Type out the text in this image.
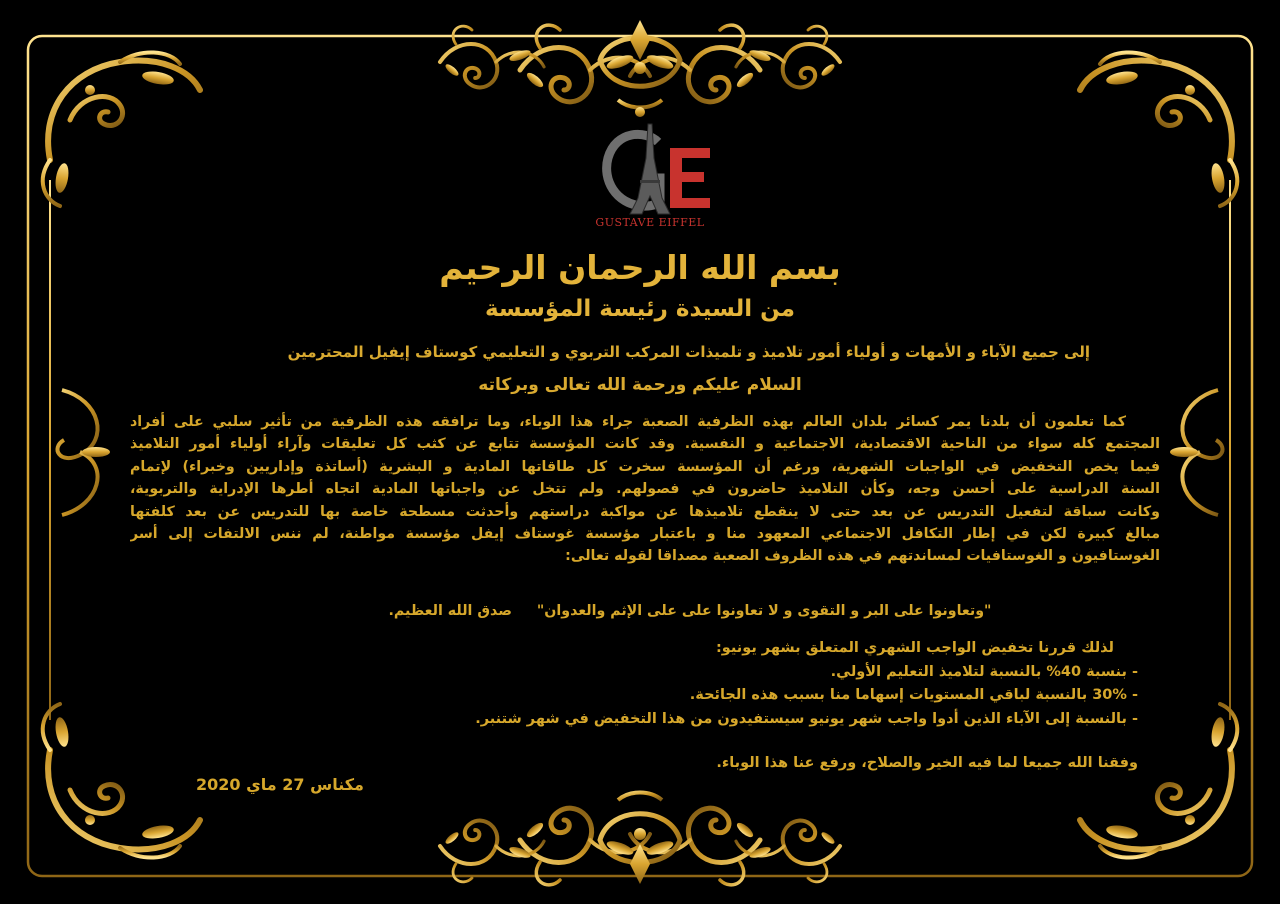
GUSTAVE EIFFEL
بسم الله الرحمان الرحيم
من السيدة رئيسة المؤسسة
إلى جميع الآباء و الأمهات و أولياء أمور تلاميذ و تلميذات المركب التربوي و التعليمي كوستاف إيفيل المحترمين
السلام عليكم ورحمة الله تعالى وبركاته
كما تعلمون أن بلدنا يمر كسائر بلدان العالم بهذه الظرفية الصعبة جراء هذا الوباء، وما ترافقه هذه الظرفية من تأثير سلبي على أفراد
المجتمع كله سواء من الناحية الاقتصادية، الاجتماعية و النفسية. وقد كانت المؤسسة تتابع عن كثب كل تعليقات وآراء أولياء أمور التلاميذ
فيما يخص التخفيض في الواجبات الشهرية، ورغم أن المؤسسة سخرت كل طاقاتها المادية و البشرية (أساتذة وإداريين وخبراء) لإتمام
السنة الدراسية على أحسن وجه، وكأن التلاميذ حاضرون في فصولهم. ولم تتخل عن واجباتها المادية اتجاه أطرها الإدراية والتربوية،
وكانت سباقة لتفعيل التدريس عن بعد حتى لا ينقطع تلاميذها عن مواكبة دراستهم وأحدثت مسطحة خاصة بها للتدريس عن بعد كلفتها
مبالغ كبيرة لكن في إطار التكافل الاجتماعي المعهود منا و باعتبار مؤسسة غوستاف إيفل مؤسسة مواطنة، لم ننس الالتفات إلى أسر
الغوستافيون و الغوستافيات لمساندتهم في هذه الظروف الصعبة مصداقا لقوله تعالى:
"وتعاونوا على البر و التقوى و لا تعاونوا على على الإثم والعدوان" صدق الله العظيم.
لذلك قررنا تخفيض الواجب الشهري المتعلق بشهر يونيو:
- بنسبة 40% بالنسبة لتلاميذ التعليم الأولي.
- 30% بالنسبة لباقي المستويات إسهاما منا بسبب هذه الجائحة.
- بالنسبة إلى الآباء الذين أدوا واجب شهر يونيو سيستفيدون من هذا التخفيض في شهر شتنبر.
وفقنا الله جميعا لما فيه الخير والصلاح، ورفع عنا هذا الوباء.
مكناس 27 ماي 2020
